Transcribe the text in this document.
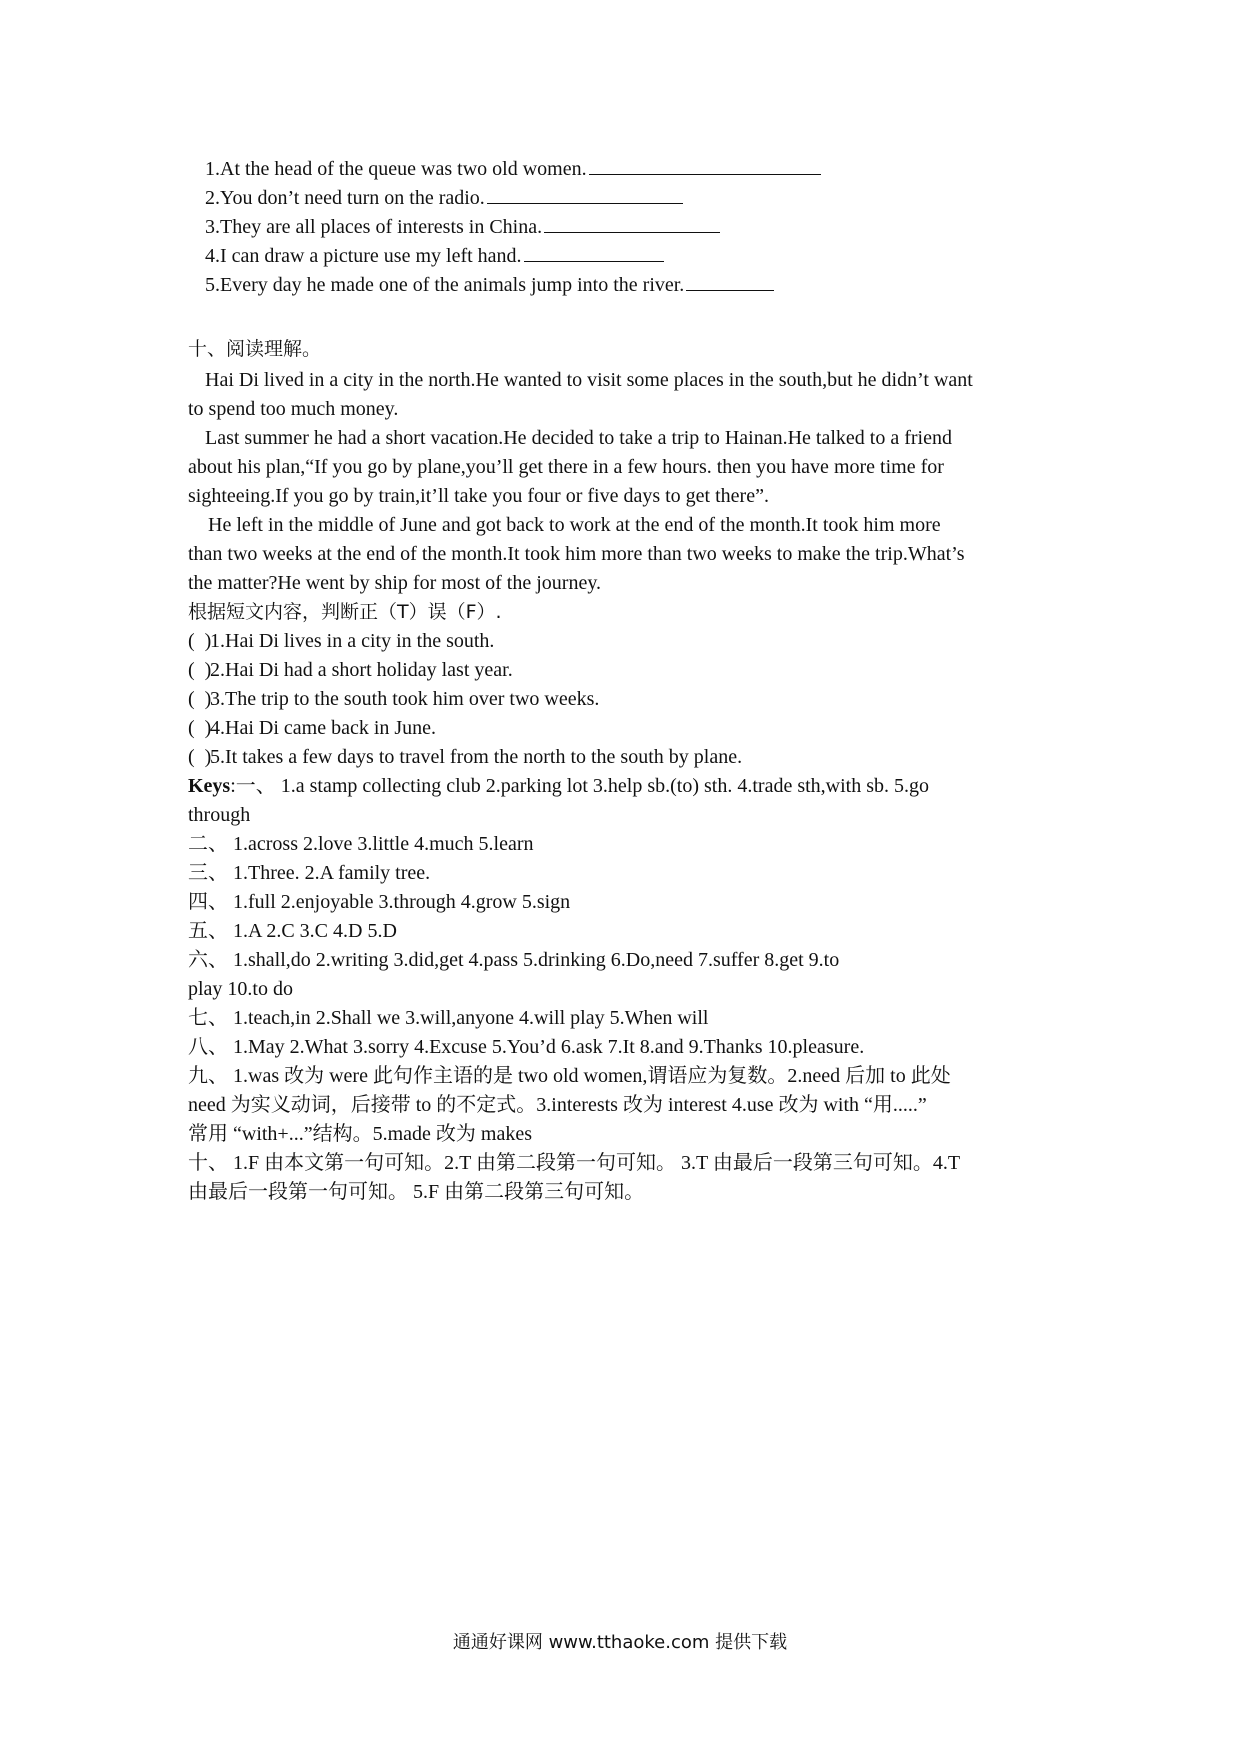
1.At the head of the queue was two old women.
2.You don’t need turn on the radio.
3.They are all places of interests in China.
4.I can draw a picture use my left hand.
5.Every day he made one of the animals jump into the river.
十、阅读理解。
Hai Di lived in a city in the north.He wanted to visit some places in the south,but he didn’t want
to spend too much money.
Last summer he had a short vacation.He decided to take a trip to Hainan.He talked to a friend
about his plan,“If you go by plane,you’ll get there in a few hours. then you have more time for
sighteeing.If you go by train,it’ll take you four or five days to get there”.
He left in the middle of June and got back to work at the end of the month.It took him more
than two weeks at the end of the month.It took him more than two weeks to make the trip.What’s
the matter?He went by ship for most of the journey.
根据短文内容，判断正（T）误（F）.
(  )1.Hai Di lives in a city in the south.
(  )2.Hai Di had a short holiday last year.
(  )3.The trip to the south took him over two weeks.
(  )4.Hai Di came back in June.
(  )5.It takes a few days to travel from the north to the south by plane.
Keys:一、 1.a stamp collecting club 2.parking lot 3.help sb.(to) sth. 4.trade sth,with sb. 5.go
through
二、 1.across 2.love 3.little 4.much 5.learn
三、 1.Three. 2.A family tree.
四、 1.full 2.enjoyable 3.through 4.grow 5.sign
五、 1.A 2.C 3.C 4.D 5.D
六、 1.shall,do 2.writing 3.did,get 4.pass 5.drinking 6.Do,need 7.suffer 8.get 9.to
play 10.to do
七、 1.teach,in 2.Shall we 3.will,anyone 4.will play 5.When will
八、 1.May 2.What 3.sorry 4.Excuse 5.You’d 6.ask 7.It 8.and 9.Thanks 10.pleasure.
九、 1.was 改为 were 此句作主语的是 two old women,谓语应为复数。2.need 后加 to 此处
need 为实义动词，后接带 to 的不定式。3.interests 改为 interest 4.use 改为 with “用.....”
常用 “with+...”结构。5.made 改为 makes
十、 1.F 由本文第一句可知。2.T 由第二段第一句可知。 3.T 由最后一段第三句可知。4.T
由最后一段第一句可知。 5.F 由第二段第三句可知。
通通好课网 www.tthaoke.com 提供下载
